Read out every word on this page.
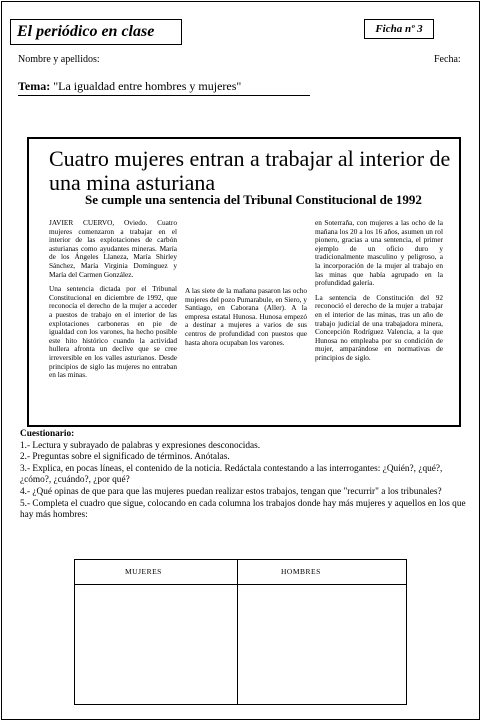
El periódico en clase	Ficha nº 3
Nombre y apellidos:	Fecha:
Tema: "La igualdad entre hombres y mujeres"
Cuatro mujeres entran a trabajar al interior de una mina asturiana
Se cumple una sentencia del Tribunal Constitucional de 1992

JAVIER CUERVO, Oviedo. Cuatro mujeres comenzaron a trabajar en el interior de las explotaciones de carbón asturianas como ayudantes mineras. María de los Ángeles Llaneza, María Shirley Sánchez, María Virginia Domínguez y María del Carmen González.

Una sentencia dictada por el Tribunal Constitucional en diciembre de 1992, que reconocía el derecho de la mujer a acceder a puestos de trabajo en el interior de las explotaciones carboneras en pie de igualdad con los varones, ha hecho posible este hito histórico cuando la actividad hullera afronta un declive que se cree irreversible en los valles asturianos. Desde principios de siglo las mujeres no entraban en las minas.

A las siete de la mañana pasaron las ocho mujeres del pozo Pumarabule, en Siero, y Santiago, en Caborana (Aller). A la empresa estatal Hunosa. Hunosa empezó a destinar a mujeres a varios de sus centros de profundidad con puestos que hasta ahora ocupaban los varones.

en Soterraña, con mujeres a las ocho de la mañana los 20 a los 16 años, asumen un rol pionero, gracias a una sentencia, el primer ejemplo de un oficio duro y tradicionalmente masculino y peligroso, a la incorporación de la mujer al trabajo en las minas que había agrupado en la profundidad galería.

La sentencia de Constitución del 92 reconoció el derecho de la mujer a trabajar en el interior de las minas, tras un año de trabajo judicial de una trabajadora minera, Concepción Rodríguez Valencia, a la que Hunosa no empleaba por su condición de mujer, amparándose en normativas de principios de siglo.

Cuestionario:
1.- Lectura y subrayado de palabras y expresiones desconocidas.
2.- Preguntas sobre el significado de términos. Anótalas.
3.- Explica, en pocas líneas, el contenido de la noticia. Redáctala contestando a las interrogantes: ¿Quién?, ¿qué?, ¿cómo?, ¿cuándo?, ¿por qué?
4.- ¿Qué opinas de que para que las mujeres puedan realizar estos trabajos, tengan que "recurrir" a los tribunales?
5.- Completa el cuadro que sigue, colocando en cada columna los trabajos donde hay más mujeres y aquellos en los que hay más hombres:
MUJERES	HOMBRES
